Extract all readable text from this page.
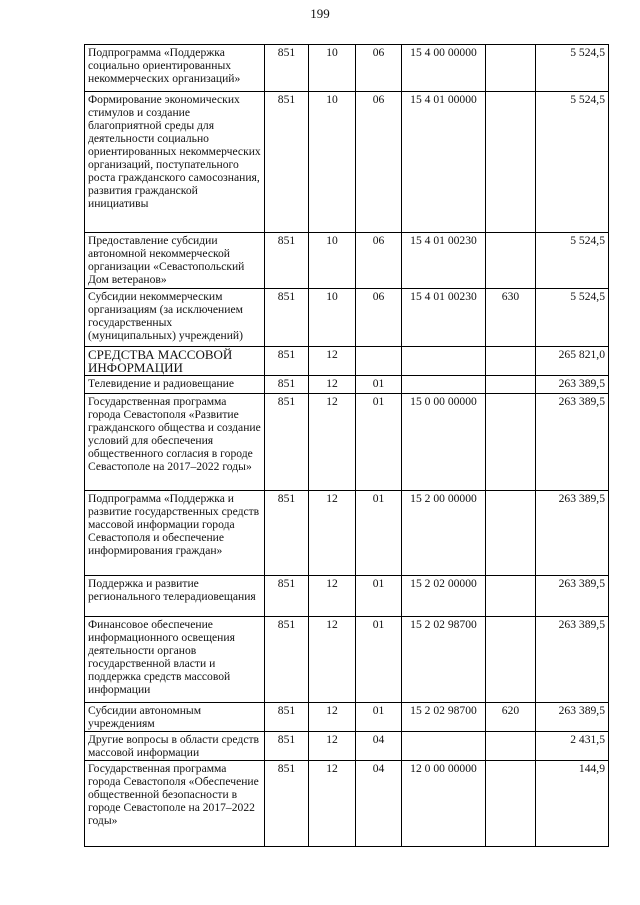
199
Подпрограмма «Поддержка социально ориентированных некоммерческих организаций»	851	10	06	15 4 00 00000		5 524,5
Формирование экономических стимулов и создание благоприятной среды для деятельности социально ориентированных некоммерческих организаций, поступательного роста гражданского самосознания, развития гражданской инициативы	851	10	06	15 4 01 00000		5 524,5
Предоставление субсидии автономной некоммерческой организации «Севастопольский Дом ветеранов»	851	10	06	15 4 01 00230		5 524,5
Субсидии некоммерческим организациям (за исключением государственных (муниципальных) учреждений)	851	10	06	15 4 01 00230	630	5 524,5
СРЕДСТВА МАССОВОЙ ИНФОРМАЦИИ	851	12				265 821,0
Телевидение и радиовещание	851	12	01			263 389,5
Государственная программа города Севастополя «Развитие гражданского общества и создание условий для обеспечения общественного согласия в городе Севастополе на 2017–2022 годы»	851	12	01	15 0 00 00000		263 389,5
Подпрограмма «Поддержка и развитие государственных средств массовой информации города Севастополя и обеспечение информирования граждан»	851	12	01	15 2 00 00000		263 389,5
Поддержка и развитие регионального телерадиовещания	851	12	01	15 2 02 00000		263 389,5
Финансовое обеспечение информационного освещения деятельности органов государственной власти и поддержка средств массовой информации	851	12	01	15 2 02 98700		263 389,5
Субсидии автономным учреждениям	851	12	01	15 2 02 98700	620	263 389,5
Другие вопросы в области средств массовой информации	851	12	04			2 431,5
Государственная программа города Севастополя «Обеспечение общественной безопасности в городе Севастополе на 2017–2022 годы»	851	12	04	12 0 00 00000		144,9
